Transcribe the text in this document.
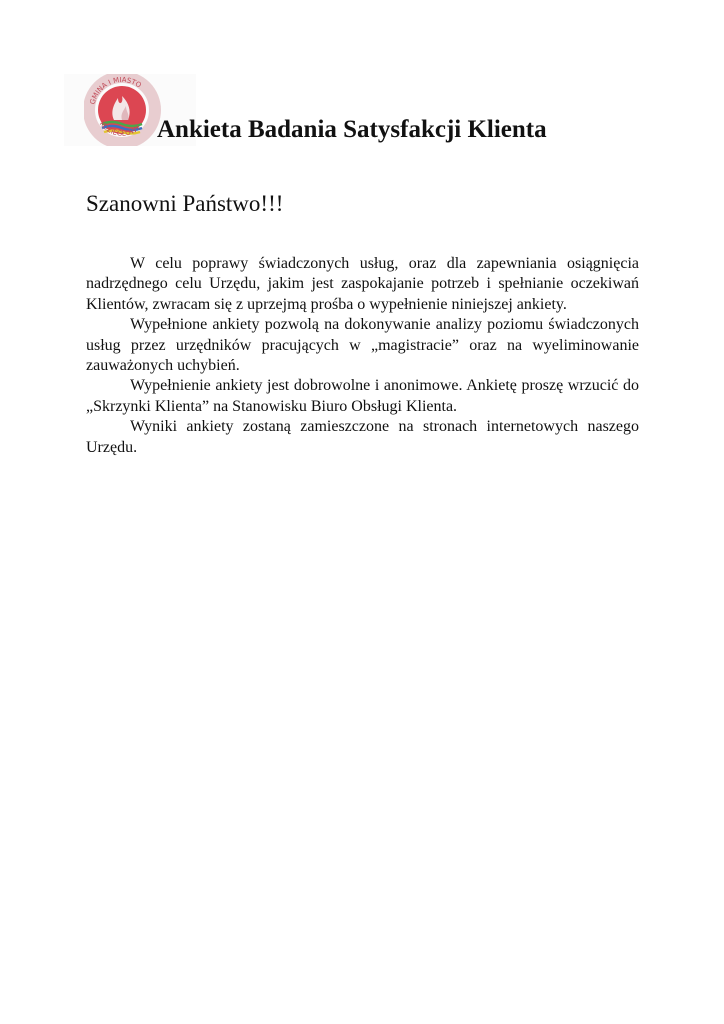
GMINA I MIASTO
KOZIEGŁOWY Ankieta Badania Satysfakcji Klienta

Szanowni Państwo!!!

W celu poprawy świadczonych usług, oraz dla zapewniania osiągnięcia nadrzędnego celu Urzędu, jakim jest zaspokajanie potrzeb i spełnianie oczekiwań Klientów, zwracam się z uprzejmą prośba o wypełnienie niniejszej ankiety.

Wypełnione ankiety pozwolą na dokonywanie analizy poziomu świadczonych usług przez urzędników pracujących w „magistracie” oraz na wyeliminowanie zauważonych uchybień.

Wypełnienie ankiety jest dobrowolne i anonimowe. Ankietę proszę wrzucić do „Skrzynki Klienta” na Stanowisku Biuro Obsługi Klienta.

Wyniki ankiety zostaną zamieszczone na stronach internetowych naszego Urzędu.
